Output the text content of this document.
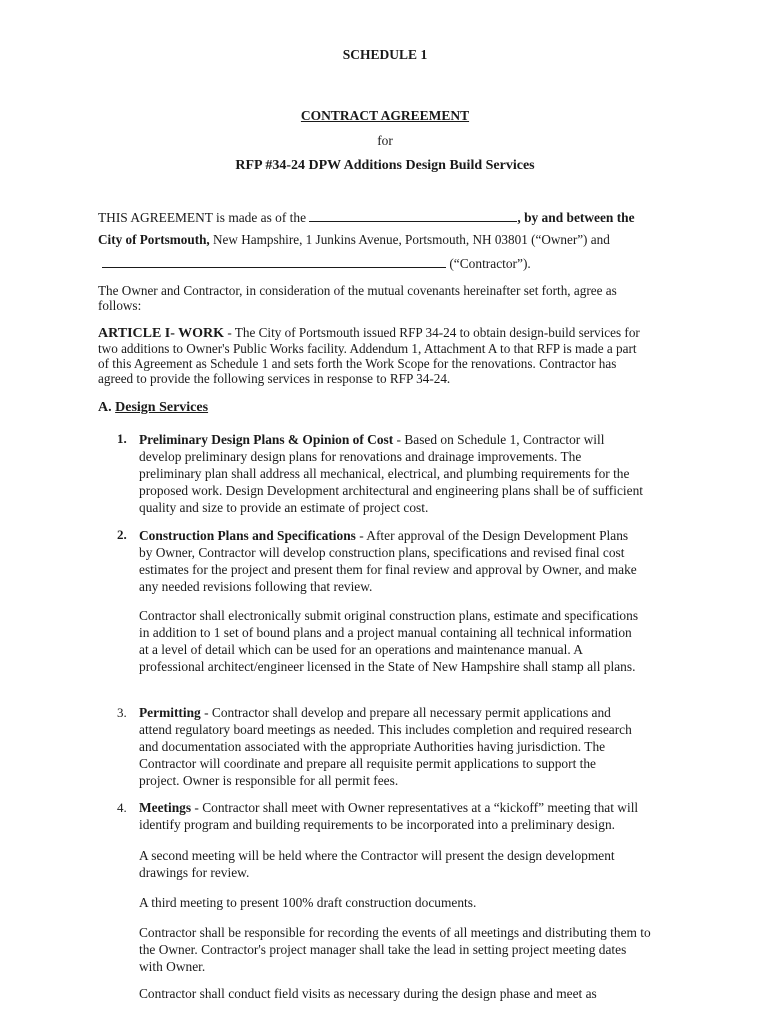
SCHEDULE 1
CONTRACT AGREEMENT
for
RFP #34-24 DPW Additions Design Build Services
THIS AGREEMENT is made as of the	, by and between the
City of Portsmouth, New Hampshire, 1 Junkins Avenue, Portsmouth, NH 03801 (“Owner”) and
(“Contractor”).
The Owner and Contractor, in consideration of the mutual covenants hereinafter set forth, agree as follows:
ARTICLE I- WORK - The City of Portsmouth issued RFP 34-24 to obtain design-build services for two additions to Owner's Public Works facility. Addendum 1, Attachment A to that RFP is made a part of this Agreement as Schedule 1 and sets forth the Work Scope for the renovations. Contractor has agreed to provide the following services in response to RFP 34-24.
A. Design Services
1. Preliminary Design Plans & Opinion of Cost - Based on Schedule 1, Contractor will develop preliminary design plans for renovations and drainage improvements. The preliminary plan shall address all mechanical, electrical, and plumbing requirements for the proposed work. Design Development architectural and engineering plans shall be of sufficient quality and size to provide an estimate of project cost.
2. Construction Plans and Specifications - After approval of the Design Development Plans by Owner, Contractor will develop construction plans, specifications and revised final cost estimates for the project and present them for final review and approval by Owner, and make any needed revisions following that review.
Contractor shall electronically submit original construction plans, estimate and specifications in addition to 1 set of bound plans and a project manual containing all technical information at a level of detail which can be used for an operations and maintenance manual. A professional architect/engineer licensed in the State of New Hampshire shall stamp all plans.
3. Permitting - Contractor shall develop and prepare all necessary permit applications and attend regulatory board meetings as needed. This includes completion and required research and documentation associated with the appropriate Authorities having jurisdiction. The Contractor will coordinate and prepare all requisite permit applications to support the project. Owner is responsible for all permit fees.
4. Meetings - Contractor shall meet with Owner representatives at a “kickoff” meeting that will identify program and building requirements to be incorporated into a preliminary design.
A second meeting will be held where the Contractor will present the design development drawings for review.
A third meeting to present 100% draft construction documents.
Contractor shall be responsible for recording the events of all meetings and distributing them to the Owner. Contractor's project manager shall take the lead in setting project meeting dates with Owner.
Contractor shall conduct field visits as necessary during the design phase and meet as
